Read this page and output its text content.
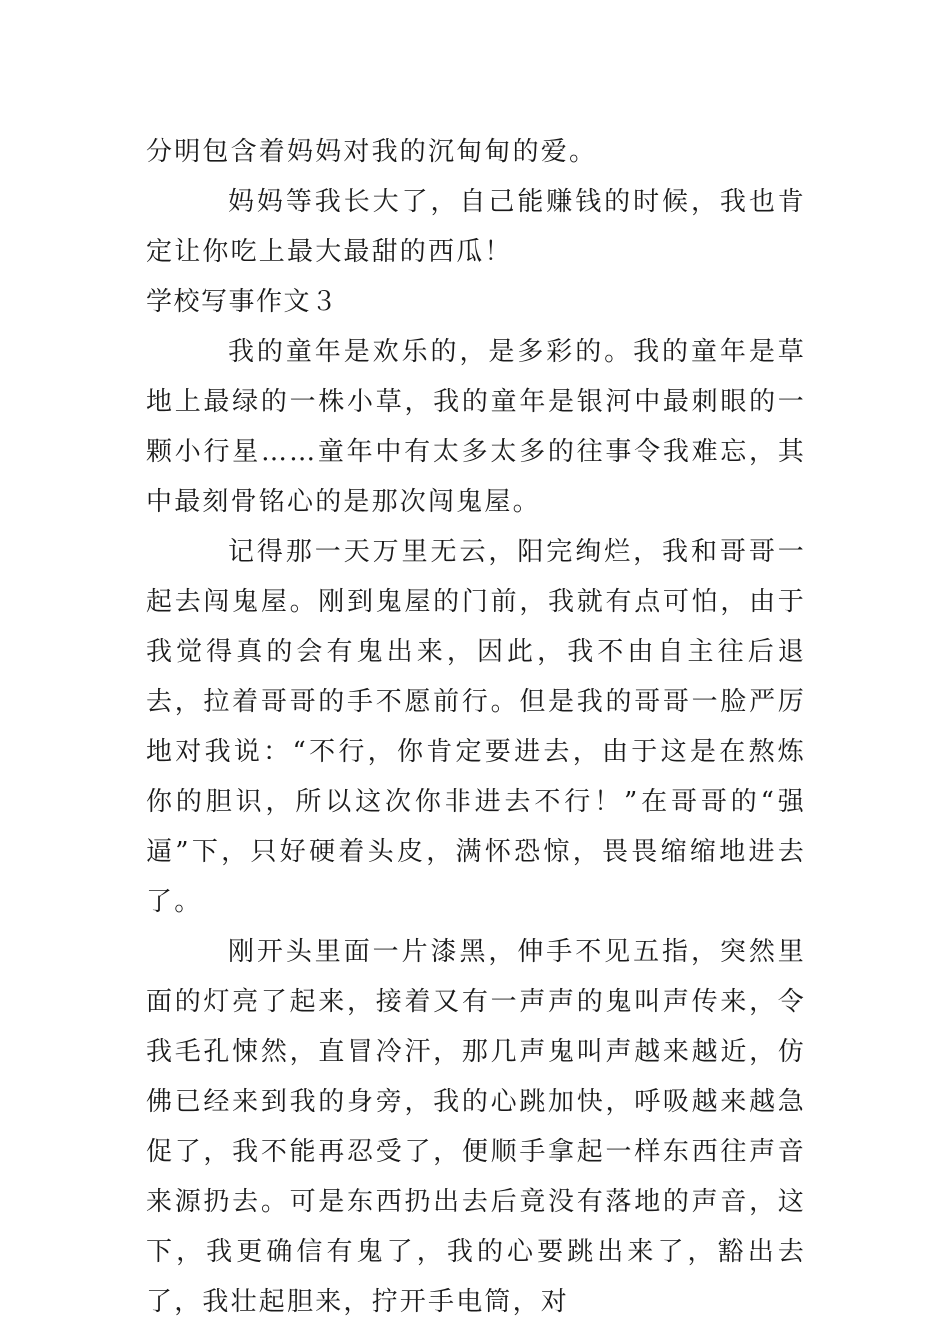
分明包含着妈妈对我的沉甸甸的爱。

妈妈等我长大了，自己能赚钱的时候，我也肯定让你吃上最大最甜的西瓜！

学校写事作文３

我的童年是欢乐的，是多彩的。我的童年是草地上最绿的一株小草，我的童年是银河中最刺眼的一颗小行星……童年中有太多太多的往事令我难忘，其中最刻骨铭心的是那次闯鬼屋。

记得那一天万里无云，阳完绚烂，我和哥哥一起去闯鬼屋。刚到鬼屋的门前，我就有点可怕，由于我觉得真的会有鬼出来，因此，我不由自主往后退去，拉着哥哥的手不愿前行。但是我的哥哥一脸严厉地对我说：“不行，你肯定要进去，由于这是在熬炼你的胆识，所以这次你非进去不行！”在哥哥的“强逼”下，只好硬着头皮，满怀恐惊，畏畏缩缩地进去了。

刚开头里面一片漆黑，伸手不见五指，突然里面的灯亮了起来，接着又有一声声的鬼叫声传来，令我毛孔悚然，直冒冷汗，那几声鬼叫声越来越近，仿佛已经来到我的身旁，我的心跳加快，呼吸越来越急促了，我不能再忍受了，便顺手拿起一样东西往声音来源扔去。可是东西扔出去后竟没有落地的声音，这下，我更确信有鬼了，我的心要跳出来了，豁出去了，我壮起胆来，拧开手电筒，对
